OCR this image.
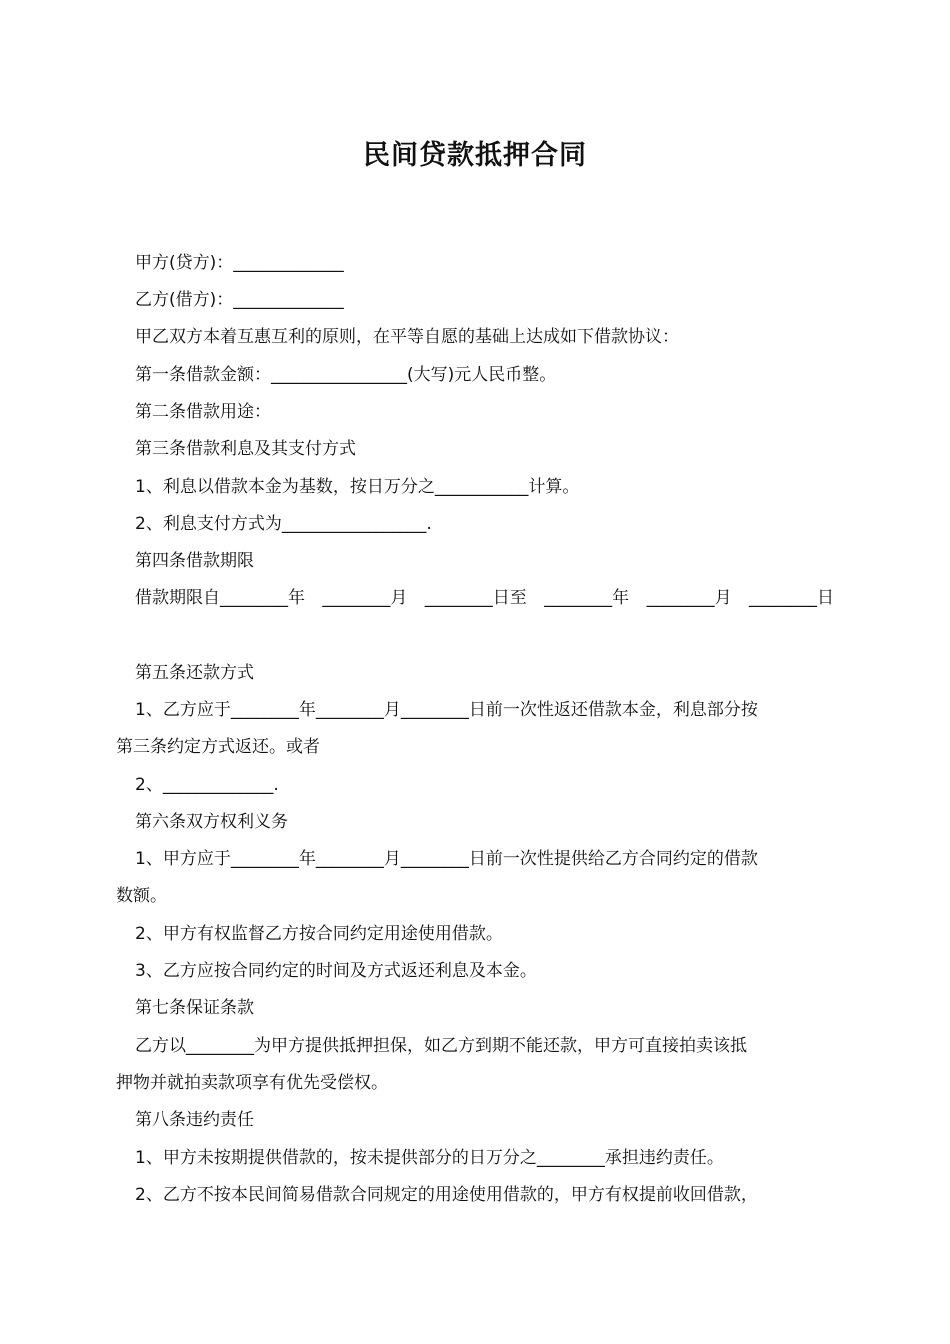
民间贷款抵押合同
甲方(贷方)：_____________
乙方(借方)：_____________
甲乙双方本着互惠互利的原则，在平等自愿的基础上达成如下借款协议：
第一条借款金额：________________(大写)元人民币整。
第二条借款用途：
第三条借款利息及其支付方式
1、利息以借款本金为基数，按日万分之___________计算。
2、利息支付方式为_________________.
第四条借款期限
借款期限自________年 ________月 ________日至 ________年 ________月 ________日
第五条还款方式
1、乙方应于________年________月________日前一次性返还借款本金，利息部分按
第三条约定方式返还。或者
2、_____________.
第六条双方权利义务
1、甲方应于________年________月________日前一次性提供给乙方合同约定的借款
数额。
2、甲方有权监督乙方按合同约定用途使用借款。
3、乙方应按合同约定的时间及方式返还利息及本金。
第七条保证条款
乙方以________为甲方提供抵押担保，如乙方到期不能还款，甲方可直接拍卖该抵
押物并就拍卖款项享有优先受偿权。
第八条违约责任
1、甲方未按期提供借款的，按未提供部分的日万分之________承担违约责任。
2、乙方不按本民间简易借款合同规定的用途使用借款的，甲方有权提前收回借款，
